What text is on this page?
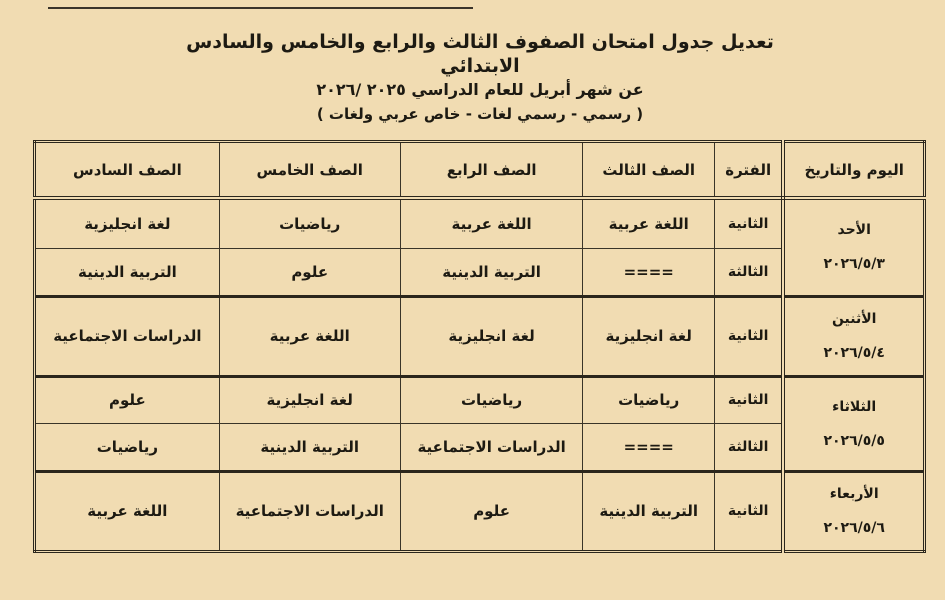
تعديل جدول امتحان الصفوف الثالث والرابع والخامس والسادس الابتدائي
عن شهر أبريل للعام الدراسي ٢٠٢٥ /٢٠٢٦
( رسمي - رسمي لغات - خاص عربي ولغات )
اليوم والتاريخ	الفترة	الصف الثالث	الصف الرابع	الصف الخامس	الصف السادس

الأحد
٢٠٢٦/٥/٣	الثانية	اللغة عربية	اللغة عربية	رياضيات	لغة انجليزية
	الثالثة	====	التربية الدينية	علوم	التربية الدينية

الأثنين
٢٠٢٦/٥/٤	الثانية	لغة انجليزية	لغة انجليزية	اللغة عربية	الدراسات الاجتماعية

الثلاثاء
٢٠٢٦/٥/٥	الثانية	رياضيات	رياضيات	لغة انجليزية	علوم
	الثالثة	====	الدراسات الاجتماعية	التربية الدينية	رياضيات

الأربعاء
٢٠٢٦/٥/٦	الثانية	التربية الدينية	علوم	الدراسات الاجتماعية	اللغة عربية
